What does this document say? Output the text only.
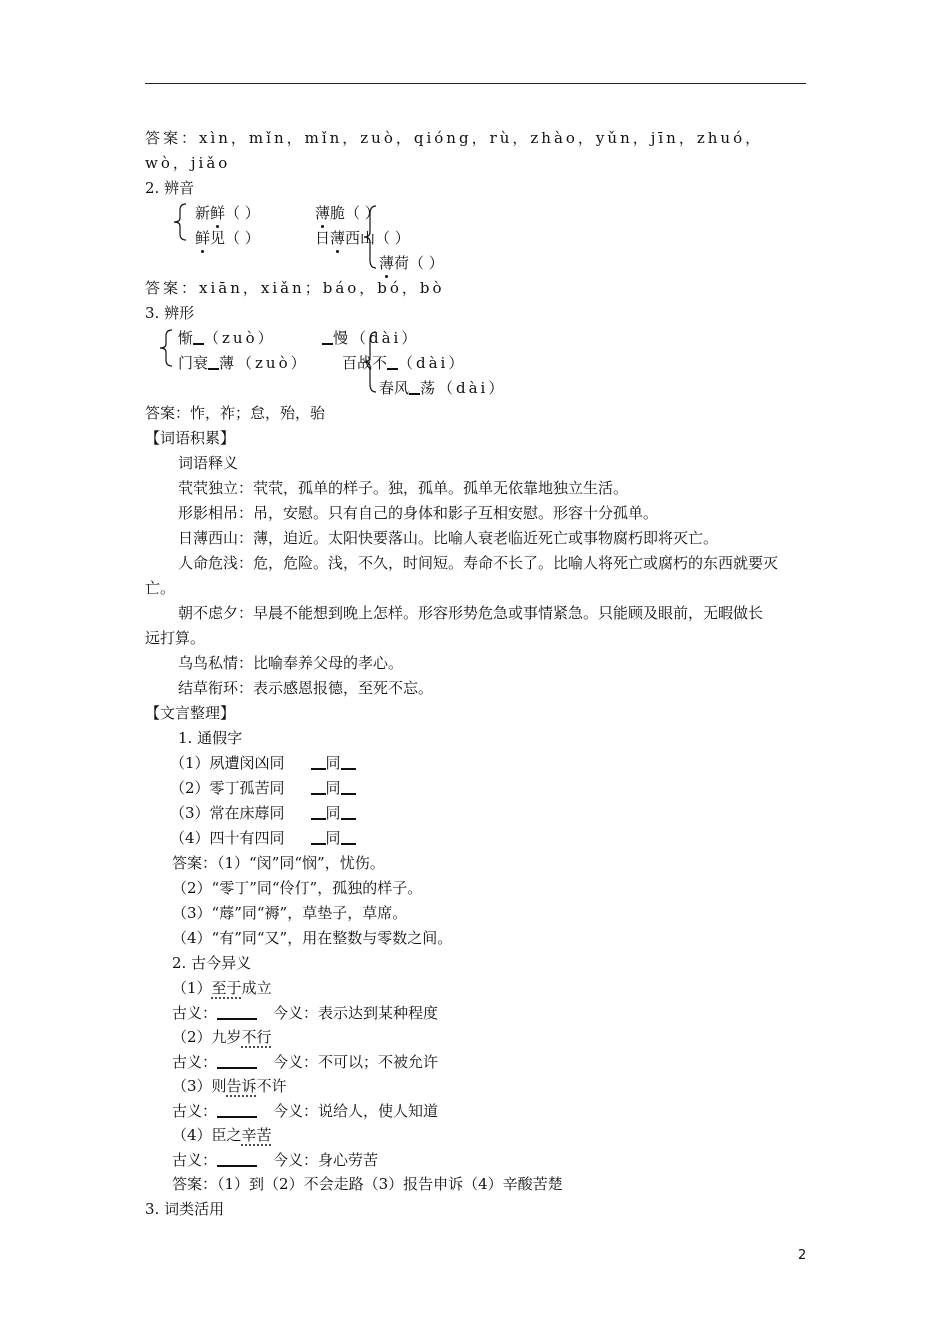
答案：xìn，mǐn，mǐn，zuò，qióng，rù，zhào，yǔn，jīn，zhuó，
wò，jiǎo
2. 辨音
新鲜（ ）
鲜见（ ）
薄脆（ ）
日薄西山（ ）
薄荷（ ）
答案：xiān，xiǎn；báo，bó，bò
3. 辨形
惭 （zuò）
门衰 薄（zuò）
慢（dài）
百战不 （dài）
春风 荡（dài）
答案：怍，祚；怠，殆，骀
【词语积累】
词语释义
茕茕独立：茕茕，孤单的样子。独，孤单。孤单无依靠地独立生活。
形影相吊：吊，安慰。只有自己的身体和影子互相安慰。形容十分孤单。
日薄西山：薄，迫近。太阳快要落山。比喻人衰老临近死亡或事物腐朽即将灭亡。
人命危浅：危，危险。浅，不久，时间短。寿命不长了。比喻人将死亡或腐朽的东西就要灭
亡。
朝不虑夕：早晨不能想到晚上怎样。形容形势危急或事情紧急。只能顾及眼前，无暇做长
远打算。
乌鸟私情：比喻奉养父母的孝心。
结草衔环：表示感恩报德，至死不忘。
【文言整理】
1. 通假字
（1）夙遭闵凶同	同
（2）零丁孤苦同	同
（3）常在床蓐同	同
（4）四十有四同	同
答案：（1）“闵”同“悯”，忧伤。
（2）“零丁”同“伶仃”，孤独的样子。
（3）“蓐”同“褥”，草垫子，草席。
（4）“有”同“又”，用在整数与零数之间。
2. 古今异义
（1）至于成立
古义：	今义：表示达到某种程度
（2）九岁不行
古义：	今义：不可以；不被允许
（3）则告诉不许
古义：	今义：说给人，使人知道
（4）臣之辛苦
古义：	今义：身心劳苦
答案：（1）到（2）不会走路（3）报告申诉（4）辛酸苦楚
3. 词类活用
2
